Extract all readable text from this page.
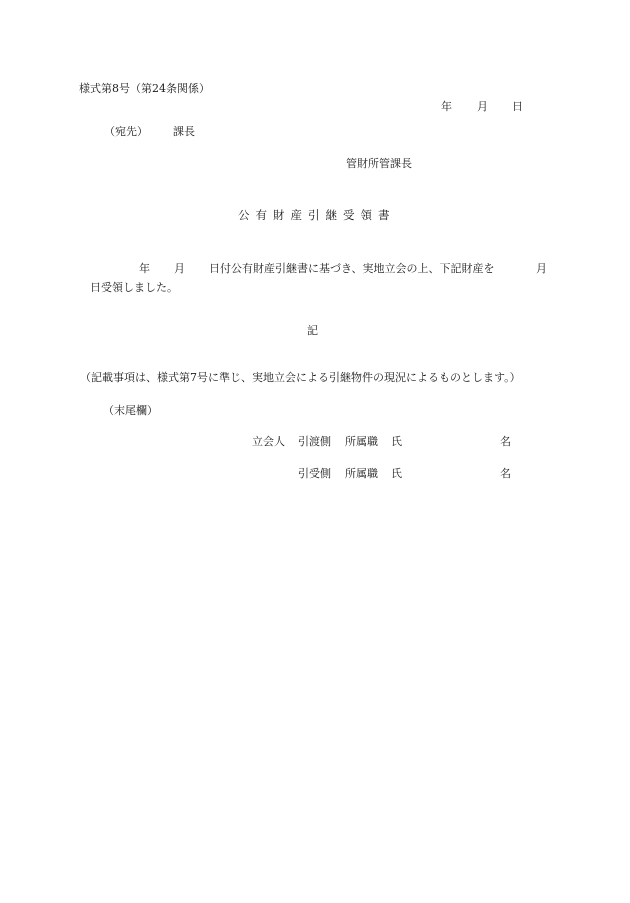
様式第8号（第24条関係）
年 月 日
（宛先） 課長
管財所管課長
公有財産引継受領書
年 月 日付公有財産引継書に基づき、実地立会の上、下記財産を	月
日受領しました。
記
（記載事項は、様式第7号に準じ、実地立会による引継物件の現況によるものとします。）
（末尾欄）
立会人 引渡側 所属職 氏	名
引受側 所属職 氏	名
